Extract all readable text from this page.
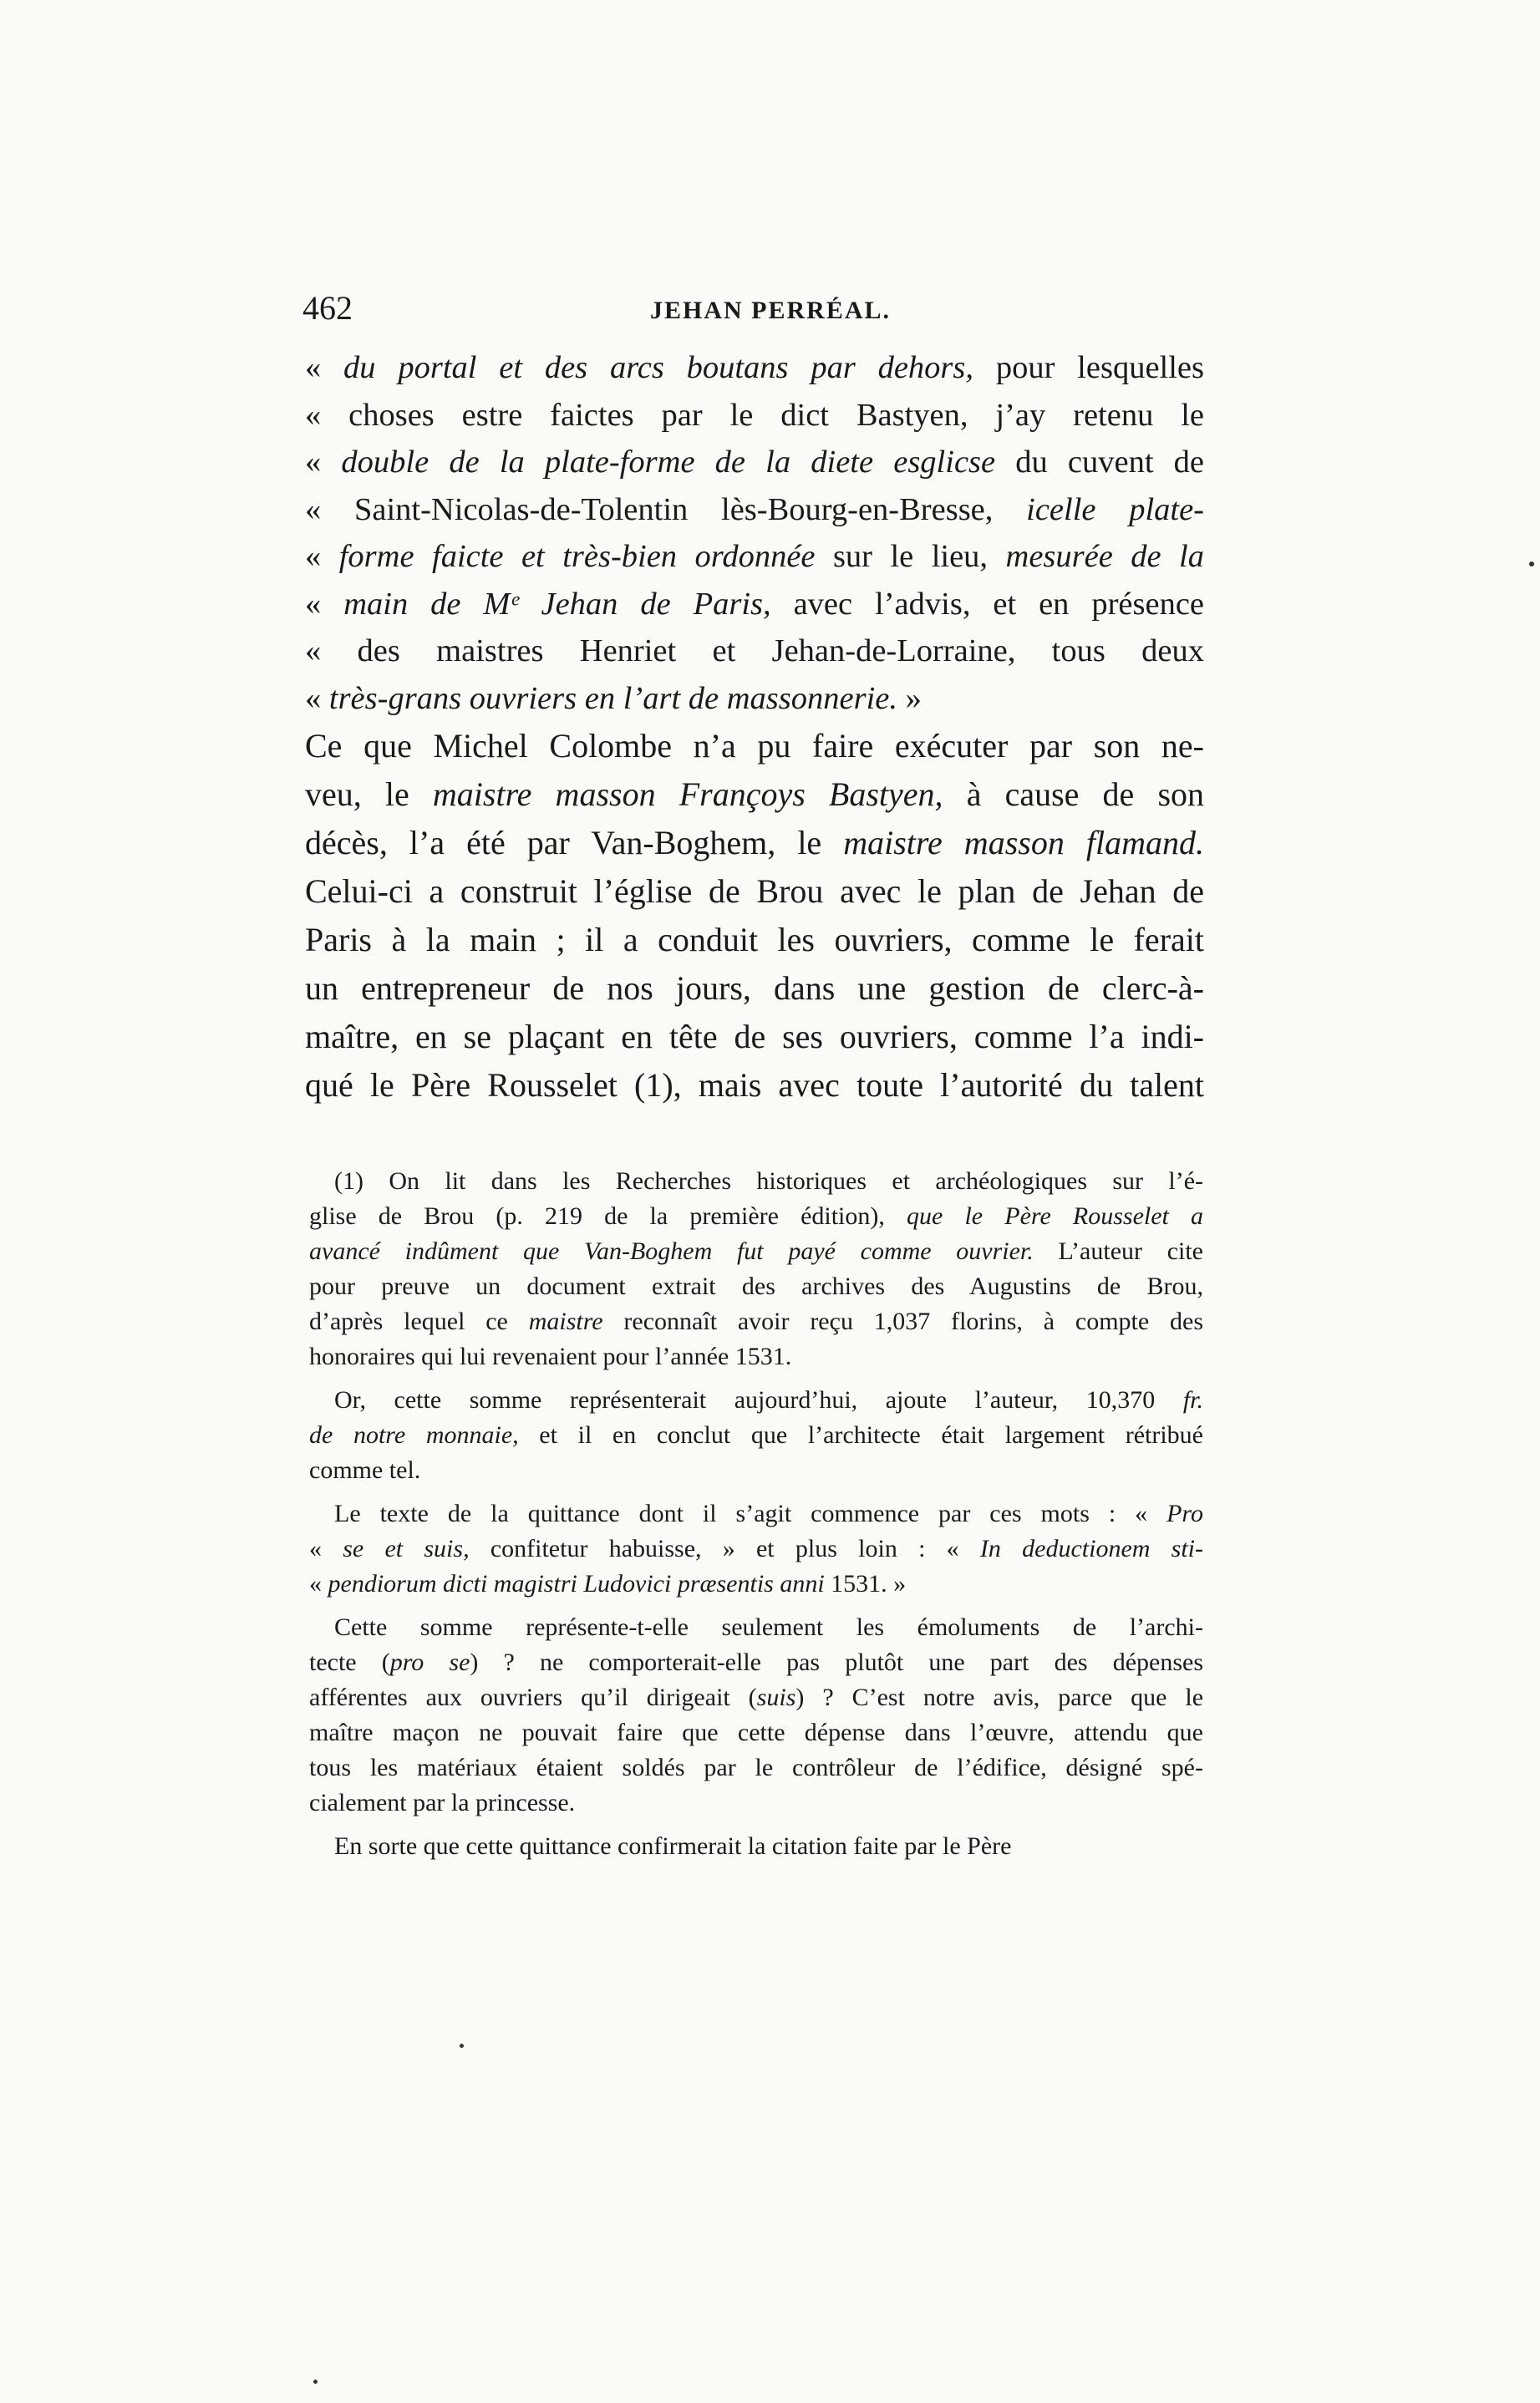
462	JEHAN PERRÉAL.
« du portal et des arcs boutans par dehors, pour lesquelles
« choses estre faictes par le dict Bastyen, j’ay retenu le
« double de la plate-forme de la diete esglicse du cuvent de
« Saint-Nicolas-de-Tolentin lès-Bourg-en-Bresse, icelle plate-
« forme faicte et très-bien ordonnée sur le lieu, mesurée de la
« main de Mᵉ Jehan de Paris, avec l’advis, et en présence
« des maistres Henriet et Jehan-de-Lorraine, tous deux
« très-grans ouvriers en l’art de massonnerie. »
Ce que Michel Colombe n’a pu faire exécuter par son ne-
veu, le maistre masson Françoys Bastyen, à cause de son
décès, l’a été par Van-Boghem, le maistre masson flamand.
Celui-ci a construit l’église de Brou avec le plan de Jehan de
Paris à la main ; il a conduit les ouvriers, comme le ferait
un entrepreneur de nos jours, dans une gestion de clerc-à-
maître, en se plaçant en tête de ses ouvriers, comme l’a indi-
qué le Père Rousselet (1), mais avec toute l’autorité du talent
(1) On lit dans les Recherches historiques et archéologiques sur l’é-
glise de Brou (p. 219 de la première édition), que le Père Rousselet a
avancé indûment que Van-Boghem fut payé comme ouvrier. L’auteur cite
pour preuve un document extrait des archives des Augustins de Brou,
d’après lequel ce maistre reconnaît avoir reçu 1,037 florins, à compte des
honoraires qui lui revenaient pour l’année 1531.
Or, cette somme représenterait aujourd’hui, ajoute l’auteur, 10,370 fr.
de notre monnaie, et il en conclut que l’architecte était largement rétribué
comme tel.
Le texte de la quittance dont il s’agit commence par ces mots : « Pro
« se et suis, confitetur habuisse, » et plus loin : « In deductionem sti-
« pendiorum dicti magistri Ludovici præsentis anni 1531. »
Cette somme représente-t-elle seulement les émoluments de l’archi-
tecte (pro se) ? ne comporterait-elle pas plutôt une part des dépenses
afférentes aux ouvriers qu’il dirigeait (suis) ? C’est notre avis, parce que le
maître maçon ne pouvait faire que cette dépense dans l’œuvre, attendu que
tous les matériaux étaient soldés par le contrôleur de l’édifice, désigné spé-
cialement par la princesse.
En sorte que cette quittance confirmerait la citation faite par le Père
